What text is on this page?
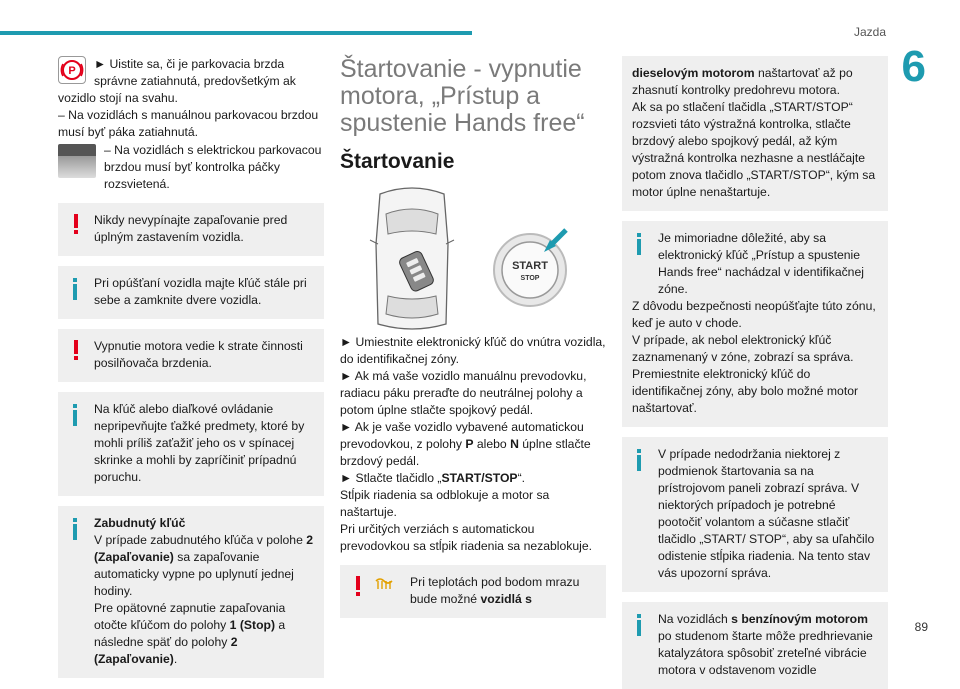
Jazda
6
P	► Uistite sa, či je parkovacia brzda správne zatiahnutá, predovšetkým ak vozidlo stojí na svahu.

– Na vozidlách s manuálnou parkovacou brzdou musí byť páka zatiahnutá.

– Na vozidlách s elektrickou parkovacou brzdou musí byť kontrolka páčky rozsvietená.

Nikdy nevypínajte zapaľovanie pred úplným zastavením vozidla.

Pri opúšťaní vozidla majte kľúč stále pri sebe a zamknite dvere vozidla.

Vypnutie motora vedie k strate činnosti posilňovača brzdenia.

Na kľúč alebo diaľkové ovládanie nepripevňujte ťažké predmety, ktoré by mohli príliš zaťažiť jeho os v spínacej skrinke a mohli by zapríčiniť prípadnú poruchu.

Zabudnutý kľúč

V prípade zabudnutého kľúča v polohe 2 (Zapaľovanie) sa zapaľovanie automaticky vypne po uplynutí jednej hodiny.
Pre opätovné zapnutie zapaľovania otočte kľúčom do polohy 1 (Stop) a následne späť do polohy 2 (Zapaľovanie).

Štartovanie - vypnutie motora, „Prístup a spustenie Hands free“
Štartovanie
START
STOP

► Umiestnite elektronický kľúč do vnútra vozidla, do identifikačnej zóny.

► Ak má vaše vozidlo manuálnu prevodovku, radiacu páku preraďte do neutrálnej polohy a potom úplne stlačte spojkový pedál.

► Ak je vaše vozidlo vybavené automatickou prevodovkou, z polohy P alebo N úplne stlačte brzdový pedál.

► Stlačte tlačidlo „START/STOP“.

Stĺpik riadenia sa odblokuje a motor sa naštartuje.

Pri určitých verziách s automatickou prevodovkou sa stĺpik riadenia sa nezablokuje.

Pri teplotách pod bodom mrazu bude možné vozidlá s

dieselovým motorom naštartovať až po zhasnutí kontrolky predohrevu motora.

Ak sa po stlačení tlačidla „START/STOP“ rozsvieti táto výstražná kontrolka, stlačte brzdový alebo spojkový pedál, až kým výstražná kontrolka nezhasne a nestláčajte potom znova tlačidlo „START/STOP“, kým sa motor úplne nenaštartuje.

Je mimoriadne dôležité, aby sa elektronický kľúč „Prístup a spustenie Hands free“ nachádzal v identifikačnej zóne.

Z dôvodu bezpečnosti neopúšťajte túto zónu, keď je auto v chode.

V prípade, ak nebol elektronický kľúč zaznamenaný v zóne, zobrazí sa správa. Premiestnite elektronický kľúč do identifikačnej zóny, aby bolo možné motor naštartovať.

V prípade nedodržania niektorej z podmienok štartovania sa na prístrojovom paneli zobrazí správa. V niektorých prípadoch je potrebné pootočiť volantom a súčasne stlačiť tlačidlo „START/ STOP“, aby sa uľahčilo odistenie stĺpika riadenia. Na tento stav vás upozorní správa.

Na vozidlách s benzínovým motorom po studenom štarte môže predhrievanie katalyzátora spôsobiť zreteľné vibrácie motora v odstavenom vozidle

89
